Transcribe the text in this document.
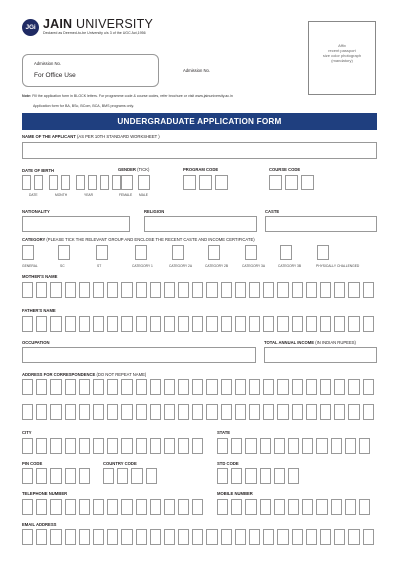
JGi JAIN UNIVERSITY
Declared as Deemed-to-be University u/s 3 of the UGC Act,1956
Affix
recent passport
size color photograph
(mandatory)
Admission No.
For Office Use
Admission No.
Note: Fill the application form in BLOCK letters. For programme code & course codes, refer brochure or visit www.jainuniversity.ac.in
Application form for BA, BSc, BCom, BCA, BMS programs only.
UNDERGRADUATE APPLICATION FORM
NAME OF THE APPLICANT (AS PER 10TH STANDARD WORKSHEET )
DATE OF BIRTH
DATE	MONTH	YEAR
GENDER (TICK)
FEMALE MALE
PROGRAM CODE	COURSE CODE
NATIONALITY	RELIGION	CASTE
CATEGORY (PLEASE TICK THE RELEVANT GROUP AND ENCLOSE THE RECENT CASTE AND INCOME CERTIFICATE)
GENERAL	SC	ST	CATEGORY 1	CATEGORY 2A	CATEGORY 2B	CATEGORY 3A	CATEGORY 3B	PHYSICALLY CHALLENGED
MOTHER'S NAME
FATHER'S NAME
OCCUPATION	TOTAL ANNUAL INCOME (IN INDIAN RUPEES)
ADDRESS FOR CORRESPONDENCE (DO NOT REPEAT NAME)
CITY	STATE
PIN CODE	COUNTRY CODE	STD CODE
TELEPHONE NUMBER	MOBILE NUMBER
EMAIL ADDRESS
